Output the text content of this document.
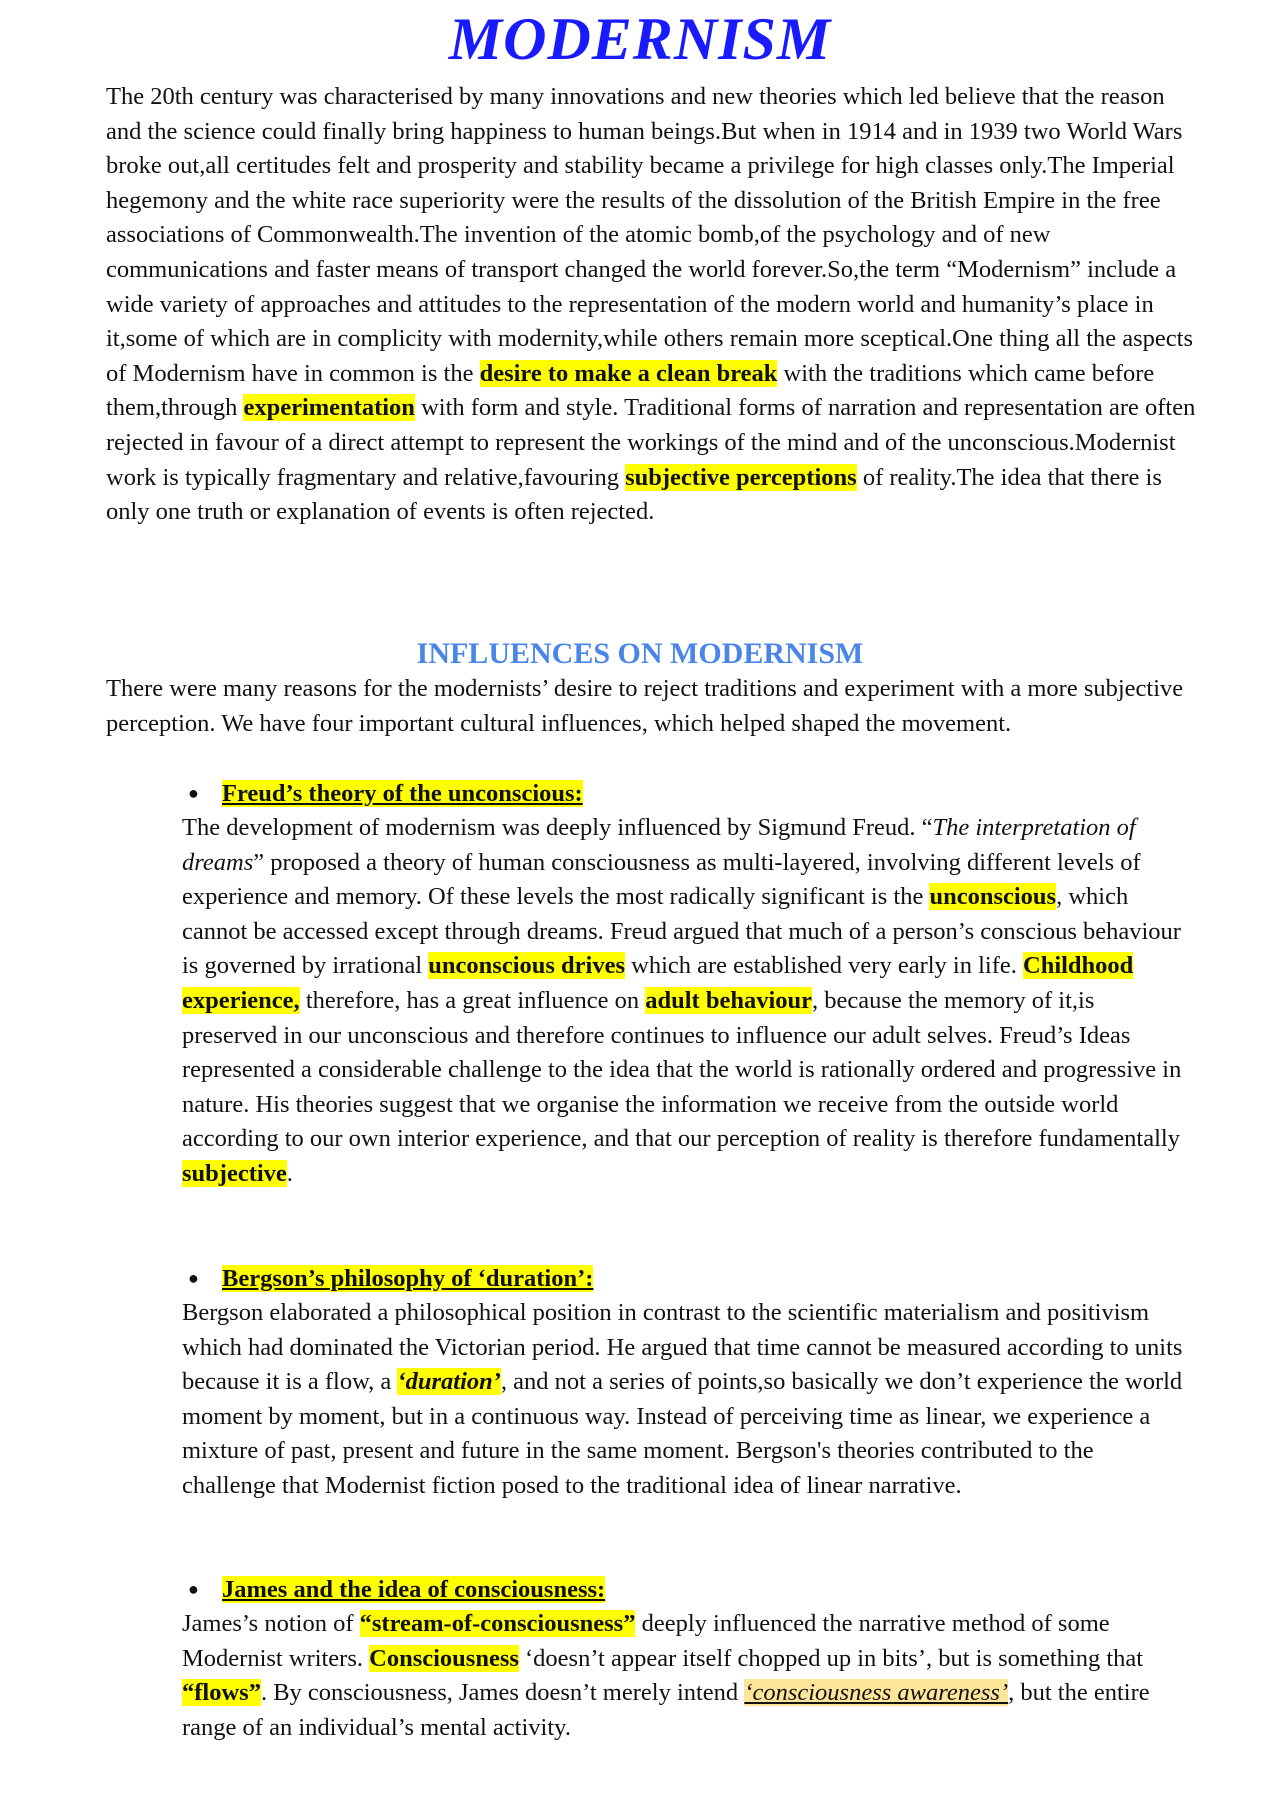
MODERNISM

The 20th century was characterised by many innovations and new theories which led believe that the reason and the science could finally bring happiness to human beings.But when in 1914 and in 1939 two World Wars broke out,all certitudes felt and prosperity and stability became a privilege for high classes only.The Imperial hegemony and the white race superiority were the results of the dissolution of the British Empire in the free associations of Commonwealth.The invention of the atomic bomb,of the psychology and of new communications and faster means of transport changed the world forever.So,the term “Modernism” include a wide variety of approaches and attitudes to the representation of the modern world and humanity’s place in it,some of which are in complicity with modernity,while others remain more sceptical.One thing all the aspects of Modernism have in common is the desire to make a clean break with the traditions which came before them,through experimentation with form and style. Traditional forms of narration and representation are often rejected in favour of a direct attempt to represent the workings of the mind and of the unconscious.Modernist work is typically fragmentary and relative,favouring subjective perceptions of reality.The idea that there is only one truth or explanation of events is often rejected.

INFLUENCES ON MODERNISM

There were many reasons for the modernists’ desire to reject traditions and experiment with a more subjective perception. We have four important cultural influences, which helped shaped the movement.

● Freud’s theory of the unconscious:

The development of modernism was deeply influenced by Sigmund Freud. “The interpretation of dreams” proposed a theory of human consciousness as multi-layered, involving different levels of experience and memory. Of these levels the most radically significant is the unconscious, which cannot be accessed except through dreams. Freud argued that much of a person’s conscious behaviour is governed by irrational unconscious drives which are established very early in life. Childhood experience, therefore, has a great influence on adult behaviour, because the memory of it,is preserved in our unconscious and therefore continues to influence our adult selves. Freud’s Ideas represented a considerable challenge to the idea that the world is rationally ordered and progressive in nature. His theories suggest that we organise the information we receive from the outside world according to our own interior experience, and that our perception of reality is therefore fundamentally subjective.

● Bergson’s philosophy of ‘duration’:

Bergson elaborated a philosophical position in contrast to the scientific materialism and positivism which had dominated the Victorian period. He argued that time cannot be measured according to units because it is a flow, a ‘duration’, and not a series of points,so basically we don’t experience the world moment by moment, but in a continuous way. Instead of perceiving time as linear, we experience a mixture of past, present and future in the same moment. Bergson's theories contributed to the challenge that Modernist fiction posed to the traditional idea of linear narrative.

● James and the idea of consciousness:

James’s notion of “stream-of-consciousness” deeply influenced the narrative method of some Modernist writers. Consciousness ‘doesn’t appear itself chopped up in bits’, but is something that “flows”. By consciousness, James doesn’t merely intend ‘consciousness awareness’, but the entire range of an individual’s mental activity.
